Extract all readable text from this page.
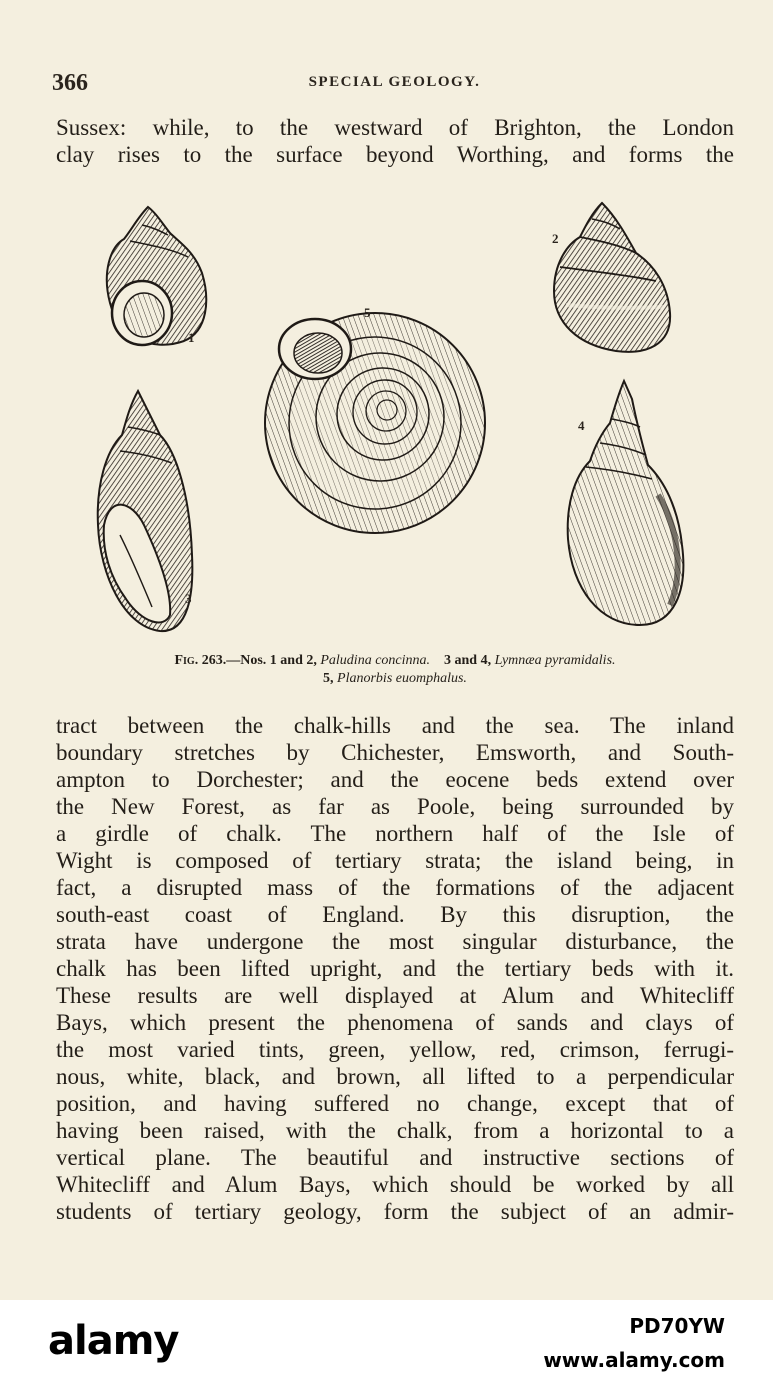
366	SPECIAL GEOLOGY.

Sussex: while, to the westward of Brighton, the London
clay rises to the surface beyond Worthing, and forms the

1
2
5
3
4
Fig. 263.—Nos. 1 and 2, Paludina concinna.    3 and 4, Lymnæa pyramidalis.
5, Planorbis euomphalus.

tract between the chalk-hills and the sea. The inland
boundary stretches by Chichester, Emsworth, and South-
ampton to Dorchester; and the eocene beds extend over
the New Forest, as far as Poole, being surrounded by
a girdle of chalk. The northern half of the Isle of
Wight is composed of tertiary strata; the island being, in
fact, a disrupted mass of the formations of the adjacent
south-east coast of England. By this disruption, the
strata have undergone the most singular disturbance, the
chalk has been lifted upright, and the tertiary beds with it.
These results are well displayed at Alum and Whitecliff
Bays, which present the phenomena of sands and clays of
the most varied tints, green, yellow, red, crimson, ferrugi-
nous, white, black, and brown, all lifted to a perpendicular
position, and having suffered no change, except that of
having been raised, with the chalk, from a horizontal to a
vertical plane. The beautiful and instructive sections of
Whitecliff and Alum Bays, which should be worked by all
students of tertiary geology, form the subject of an admir-

alamy	PD70YW
www.alamy.com
